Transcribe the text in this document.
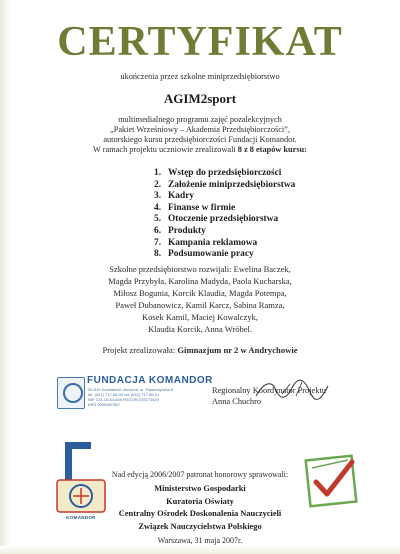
CERTYFIKAT
ukończenia przez szkolne miniprzedsiębiorstwo
AGIM2sport
multimedialnego programu zajęć pozalekcyjnych
„Pakiet Wrześniowy – Akademia Przedsiębiorczości”,
autorskiego kursu przedsiębiorczości Fundacji Komandor.
W ramach projektu uczniowie zrealizowali 8 z 8 etapów kursu:
1. Wstęp do przedsiębiorczości
2. Założenie miniprzedsiębiorstwa
3. Kadry
4. Finanse w firmie
5. Otoczenie przedsiębiorstwa
6. Produkty
7. Kampania reklamowa
8. Podsumowanie pracy
Szkolne przedsiębiorstwo rozwijali: Ewelina Baczek,
Magda Przybyła, Karolina Madyda, Paola Kucharska,
Miłosz Bogunia, Korcik Klaudia, Magda Potempa,
Paweł Dubanowicz, Kamil Karcz, Sabina Ramza,
Kosek Kamil, Maciej Kowalczyk,
Klaudia Korcik, Anna Wróbel.
Projekt zrealizowała: Gimnazjum nr 2 w Andrychowie
FUNDACJA KOMANDOR
05-510 Konstancin-Jeziorna, ul. Piaseczyńska 5
tel. (022) 717-56-00 fax (022) 717-56-01
NIP 123-10-64-455 REGON 015171429
KRS 0000087362
Regionalny Koordynator Projektu
Anna Chuchro
KOMANDOR
Nad edycją 2006/2007 patronat honorowy sprawowali:
Ministerstwo Gospodarki
Kuratoria Oświaty
Centralny Ośrodek Doskonalenia Nauczycieli
Związek Nauczycielstwa Polskiego
Warszawa, 31 maja 2007r.
